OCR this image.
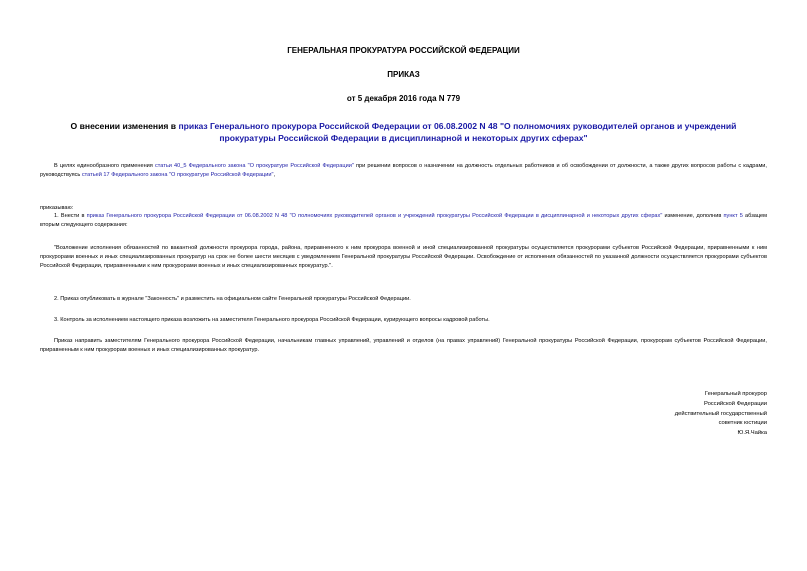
ГЕНЕРАЛЬНАЯ ПРОКУРАТУРА РОССИЙСКОЙ ФЕДЕРАЦИИ
ПРИКАЗ
от 5 декабря 2016 года N 779
О внесении изменения в приказ Генерального прокурора Российской Федерации от 06.08.2002 N 48 "О полномочиях руководителей органов и учреждений прокуратуры Российской Федерации в дисциплинарной и некоторых других сферах"
В целях единообразного применения статьи 40_5 Федерального закона "О прокуратуре Российской Федерации" при решении вопросов о назначении на должность отдельных работников и об освобождении от должности, а также других вопросов работы с кадрами, руководствуясь статьей 17 Федерального закона "О прокуратуре Российской Федерации",
приказываю:
1. Внести в приказ Генерального прокурора Российской Федерации от 06.08.2002 N 48 "О полномочиях руководителей органов и учреждений прокуратуры Российской Федерации в дисциплинарной и некоторых других сферах" изменение, дополнив пункт 5 абзацем вторым следующего содержания:
"Возложение исполнения обязанностей по вакантной должности прокурора города, района, приравненного к ним прокурора военной и иной специализированной прокуратуры осуществляется прокурорами субъектов Российской Федерации, приравненными к ним прокурорами военных и иных специализированных прокуратур на срок не более шести месяцев с уведомлением Генеральной прокуратуры Российской Федерации. Освобождение от исполнения обязанностей по указанной должности осуществляется прокурорами субъектов Российской Федерации, приравненными к ним прокурорами военных и иных специализированных прокуратур.".
2. Приказ опубликовать в журнале "Законность" и разместить на официальном сайте Генеральной прокуратуры Российской Федерации.
3. Контроль за исполнением настоящего приказа возложить на заместителя Генерального прокурора Российской Федерации, курирующего вопросы кадровой работы.
Приказ направить заместителям Генерального прокурора Российской Федерации, начальникам главных управлений, управлений и отделов (на правах управлений) Генеральной прокуратуры Российской Федерации, прокурорам субъектов Российской Федерации, приравненным к ним прокурорам военных и иных специализированных прокуратур.
Генеральный прокурор
Российской Федерации
действительный государственный
советник юстиции
Ю.Я.Чайка
